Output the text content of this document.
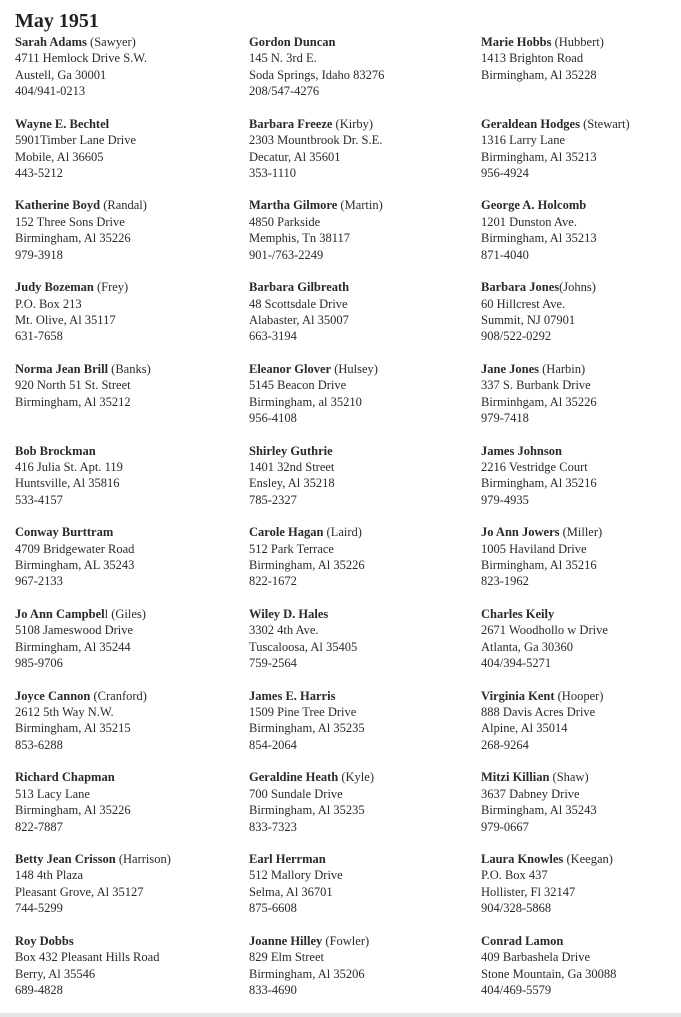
May 1951
Sarah Adams (Sawyer)
4711 Hemlock Drive S.W.
Austell, Ga 30001
404/941-0213
Wayne E. Bechtel
5901Timber Lane Drive
Mobile, Al 36605
443-5212
Katherine Boyd (Randal)
152 Three Sons Drive
Birmingham, Al 35226
979-3918
Judy Bozeman (Frey)
P.O. Box 213
Mt. Olive, Al 35117
631-7658
Norma Jean Brill (Banks)
920 North 51 St. Street
Birmingham, Al 35212
Bob Brockman
416 Julia St. Apt. 119
Huntsville, Al 35816
533-4157
Conway Burttram
4709 Bridgewater Road
Birmingham, AL 35243
967-2133
Jo Ann Campbell (Giles)
5108 Jameswood Drive
Birmingham, Al 35244
985-9706
Joyce Cannon (Cranford)
2612 5th Way N.W.
Birmingham, Al 35215
853-6288
Richard Chapman
513 Lacy Lane
Birmingham, Al 35226
822-7887
Betty Jean Crisson (Harrison)
148 4th Plaza
Pleasant Grove, Al 35127
744-5299
Roy Dobbs
Box 432 Pleasant Hills Road
Berry, Al 35546
689-4828
Gordon Duncan
145 N. 3rd E.
Soda Springs, Idaho 83276
208/547-4276
Barbara Freeze (Kirby)
2303 Mountbrook Dr. S.E.
Decatur, Al 35601
353-1110
Martha Gilmore (Martin)
4850 Parkside
Memphis, Tn 38117
901-/763-2249
Barbara Gilbreath
48 Scottsdale Drive
Alabaster, Al 35007
663-3194
Eleanor Glover (Hulsey)
5145 Beacon Drive
Birmingham, al 35210
956-4108
Shirley Guthrie
1401 32nd Street
Ensley, Al 35218
785-2327
Carole Hagan (Laird)
512 Park Terrace
Birmingham, Al 35226
822-1672
Wiley D. Hales
3302 4th Ave.
Tuscaloosa, Al 35405
759-2564
James E. Harris
1509 Pine Tree Drive
Birmingham, Al 35235
854-2064
Geraldine Heath (Kyle)
700 Sundale Drive
Birmingham, Al 35235
833-7323
Earl Herrman
512 Mallory Drive
Selma, Al 36701
875-6608
Joanne Hilley (Fowler)
829 Elm Street
Birmingham, Al 35206
833-4690
Marie Hobbs (Hubbert)
1413 Brighton Road
Birmingham, Al 35228
Geraldean Hodges (Stewart)
1316 Larry Lane
Birmingham, Al 35213
956-4924
George A. Holcomb
1201 Dunston Ave.
Birmingham, Al 35213
871-4040
Barbara Jones(Johns)
60 Hillcrest Ave.
Summit, NJ 07901
908/522-0292
Jane Jones (Harbin)
337 S. Burbank Drive
Birminhgam, Al 35226
979-7418
James Johnson
2216 Vestridge Court
Birmingham, Al 35216
979-4935
Jo Ann Jowers (Miller)
1005 Haviland Drive
Birmingham, Al 35216
823-1962
Charles Keily
2671 Woodhollo w Drive
Atlanta, Ga 30360
404/394-5271
Virginia Kent (Hooper)
888 Davis Acres Drive
Alpine, Al 35014
268-9264
Mitzi Killian (Shaw)
3637 Dabney Drive
Birmingham, Al 35243
979-0667
Laura Knowles (Keegan)
P.O. Box 437
Hollister, Fl 32147
904/328-5868
Conrad Lamon
409 Barbashela Drive
Stone Mountain, Ga 30088
404/469-5579
